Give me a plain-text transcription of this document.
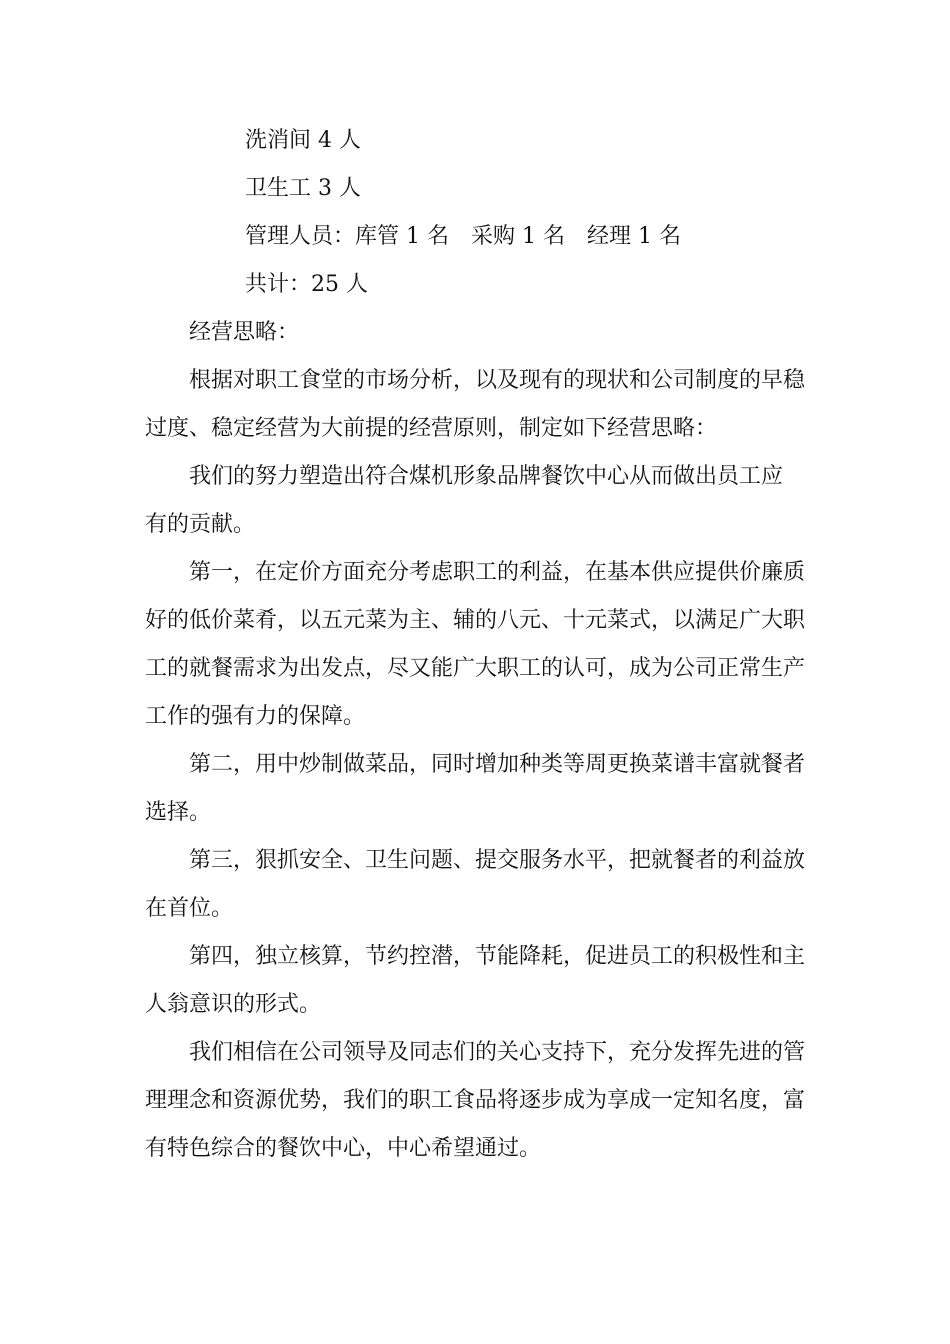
洗消间 4 人

卫生工 3 人

管理人员：库管 1 名　采购 1 名　经理 1 名

共计：25 人

经营思略：

根据对职工食堂的市场分析，以及现有的现状和公司制度的早稳

过度、稳定经营为大前提的经营原则，制定如下经营思略：

我们的努力塑造出符合煤机形象品牌餐饮中心从而做出员工应

有的贡献。

第一，在定价方面充分考虑职工的利益，在基本供应提供价廉质

好的低价菜肴，以五元菜为主、辅的八元、十元菜式，以满足广大职

工的就餐需求为出发点，尽又能广大职工的认可，成为公司正常生产

工作的强有力的保障。

第二，用中炒制做菜品，同时增加种类等周更换菜谱丰富就餐者

选择。

第三，狠抓安全、卫生问题、提交服务水平，把就餐者的利益放

在首位。

第四，独立核算，节约控潜，节能降耗，促进员工的积极性和主

人翁意识的形式。

我们相信在公司领导及同志们的关心支持下，充分发挥先进的管

理理念和资源优势，我们的职工食品将逐步成为享成一定知名度，富

有特色综合的餐饮中心，中心希望通过。
